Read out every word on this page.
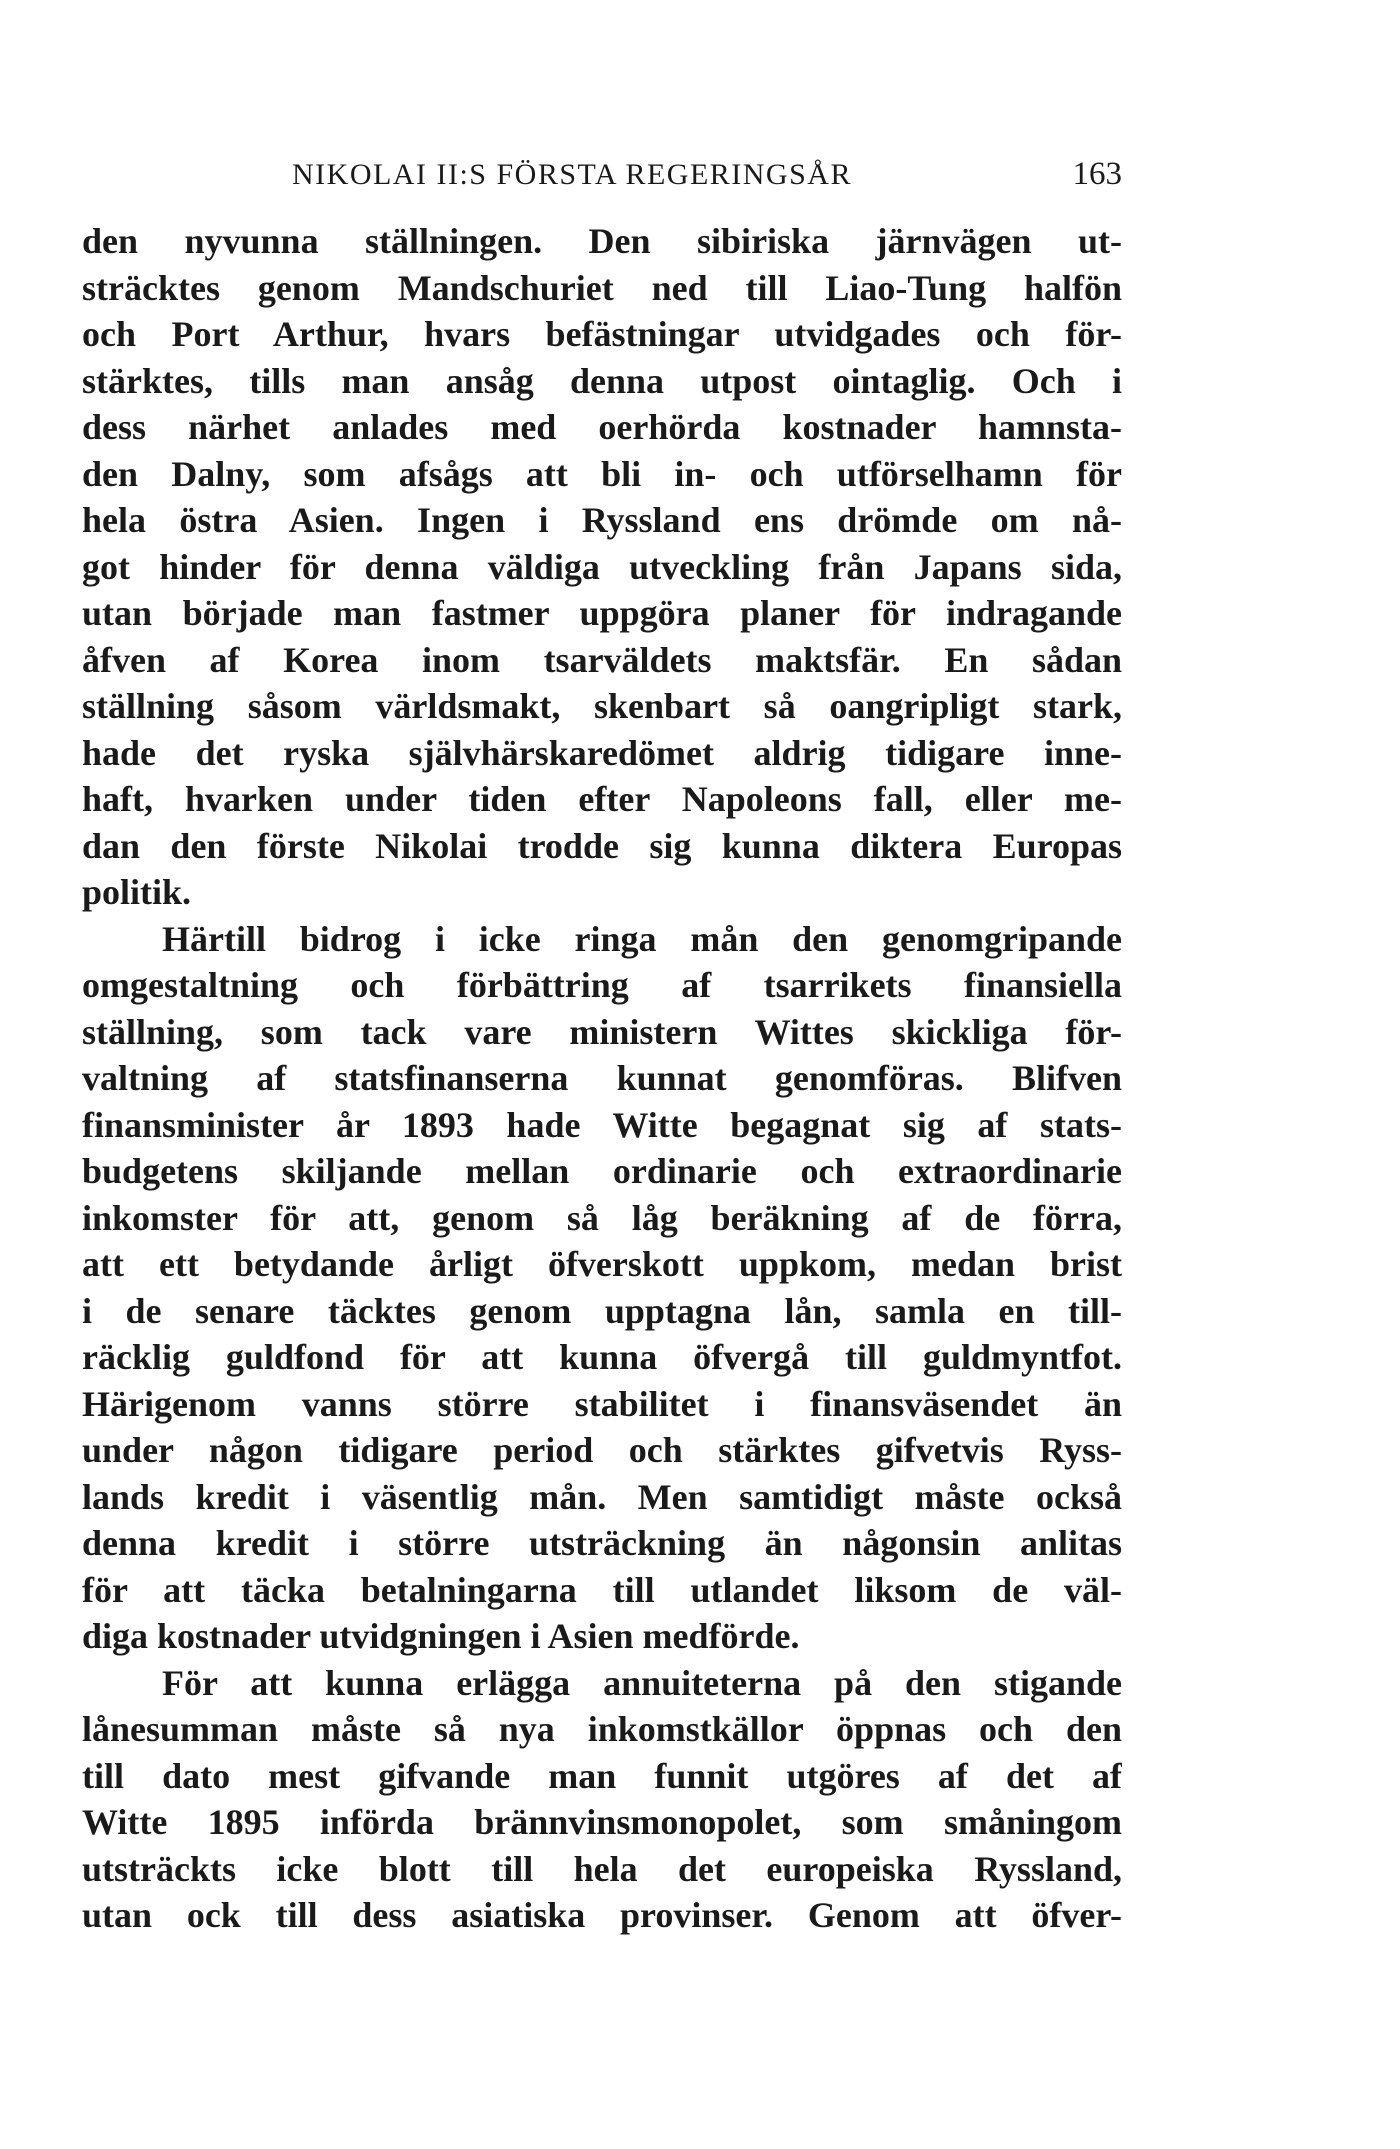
NIKOLAI II:S FÖRSTA REGERINGSÅR	163
den nyvunna ställningen. Den sibiriska järnvägen ut-
sträcktes genom Mandschuriet ned till Liao-Tung halfön
och Port Arthur, hvars befästningar utvidgades och för-
stärktes, tills man ansåg denna utpost ointaglig. Och i
dess närhet anlades med oerhörda kostnader hamnsta-
den Dalny, som afsågs att bli in- och utförselhamn för
hela östra Asien. Ingen i Ryssland ens drömde om nå-
got hinder för denna väldiga utveckling från Japans sida,
utan började man fastmer uppgöra planer för indragande
åfven af Korea inom tsarväldets maktsfär. En sådan
ställning såsom världsmakt, skenbart så oangripligt stark,
hade det ryska självhärskaredömet aldrig tidigare inne-
haft, hvarken under tiden efter Napoleons fall, eller me-
dan den förste Nikolai trodde sig kunna diktera Europas
politik.
Härtill bidrog i icke ringa mån den genomgripande
omgestaltning och förbättring af tsarrikets finansiella
ställning, som tack vare ministern Wittes skickliga för-
valtning af statsfinanserna kunnat genomföras. Blifven
finansminister år 1893 hade Witte begagnat sig af stats-
budgetens skiljande mellan ordinarie och extraordinarie
inkomster för att, genom så låg beräkning af de förra,
att ett betydande årligt öfverskott uppkom, medan brist
i de senare täcktes genom upptagna lån, samla en till-
räcklig guldfond för att kunna öfvergå till guldmyntfot.
Härigenom vanns större stabilitet i finansväsendet än
under någon tidigare period och stärktes gifvetvis Ryss-
lands kredit i väsentlig mån. Men samtidigt måste också
denna kredit i större utsträckning än någonsin anlitas
för att täcka betalningarna till utlandet liksom de väl-
diga kostnader utvidgningen i Asien medförde.
För att kunna erlägga annuiteterna på den stigande
lånesumman måste så nya inkomstkällor öppnas och den
till dato mest gifvande man funnit utgöres af det af
Witte 1895 införda brännvinsmonopolet, som småningom
utsträckts icke blott till hela det europeiska Ryssland,
utan ock till dess asiatiska provinser. Genom att öfver-
